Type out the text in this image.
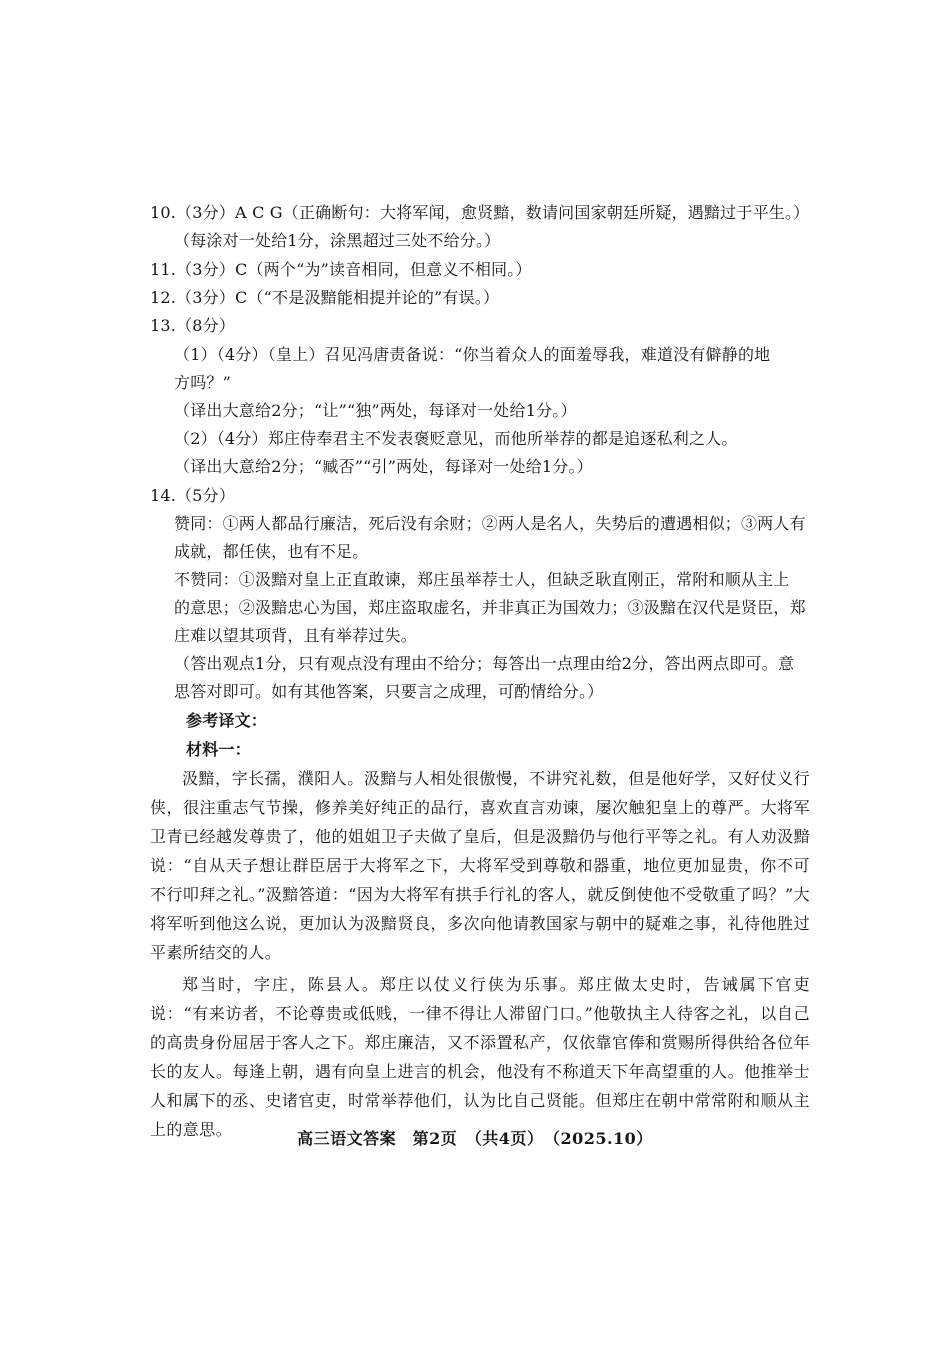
10.（3分）A C G（正确断句：大将军闻，愈贤黯，数请问国家朝廷所疑，遇黯过于平生。）
（每涂对一处给1分，涂黑超过三处不给分。）
11.（3分）C（两个“为”读音相同，但意义不相同。）
12.（3分）C（“不是汲黯能相提并论的”有误。）
13.（8分）
（1）（4分）（皇上）召见冯唐责备说：“你当着众人的面羞辱我，难道没有僻静的地
方吗？”
（译出大意给2分；“让”“独”两处，每译对一处给1分。）
（2）（4分）郑庄侍奉君主不发表褒贬意见，而他所举荐的都是追逐私利之人。
（译出大意给2分；“臧否”“引”两处，每译对一处给1分。）
14.（5分）
赞同：①两人都品行廉洁，死后没有余财；②两人是名人，失势后的遭遇相似；③两人有
成就，都任侠，也有不足。
不赞同：①汲黯对皇上正直敢谏，郑庄虽举荐士人，但缺乏耿直刚正，常附和顺从主上
的意思；②汲黯忠心为国，郑庄盗取虚名，并非真正为国效力；③汲黯在汉代是贤臣，郑
庄难以望其项背，且有举荐过失。
（答出观点1分，只有观点没有理由不给分；每答出一点理由给2分，答出两点即可。意
思答对即可。如有其他答案，只要言之成理，可酌情给分。）
参考译文：
材料一：
汲黯，字长孺，濮阳人。汲黯与人相处很傲慢，不讲究礼数，但是他好学，又好仗义行侠，很注重志气节操，修养美好纯正的品行，喜欢直言劝谏，屡次触犯皇上的尊严。大将军卫青已经越发尊贵了，他的姐姐卫子夫做了皇后，但是汲黯仍与他行平等之礼。有人劝汲黯说：“自从天子想让群臣居于大将军之下，大将军受到尊敬和器重，地位更加显贵，你不可不行叩拜之礼。”汲黯答道：“因为大将军有拱手行礼的客人，就反倒使他不受敬重了吗？”大将军听到他这么说，更加认为汲黯贤良，多次向他请教国家与朝中的疑难之事，礼待他胜过平素所结交的人。
郑当时，字庄，陈县人。郑庄以仗义行侠为乐事。郑庄做太史时，告诫属下官吏说：“有来访者，不论尊贵或低贱，一律不得让人滞留门口。”他敬执主人待客之礼，以自己的高贵身份屈居于客人之下。郑庄廉洁，又不添置私产，仅依靠官俸和赏赐所得供给各位年长的友人。每逢上朝，遇有向皇上进言的机会，他没有不称道天下年高望重的人。他推举士人和属下的丞、史诸官吏，时常举荐他们，认为比自己贤能。但郑庄在朝中常常附和顺从主上的意思。	高三语文答案　第2页　（共4页）　（2025.10）
